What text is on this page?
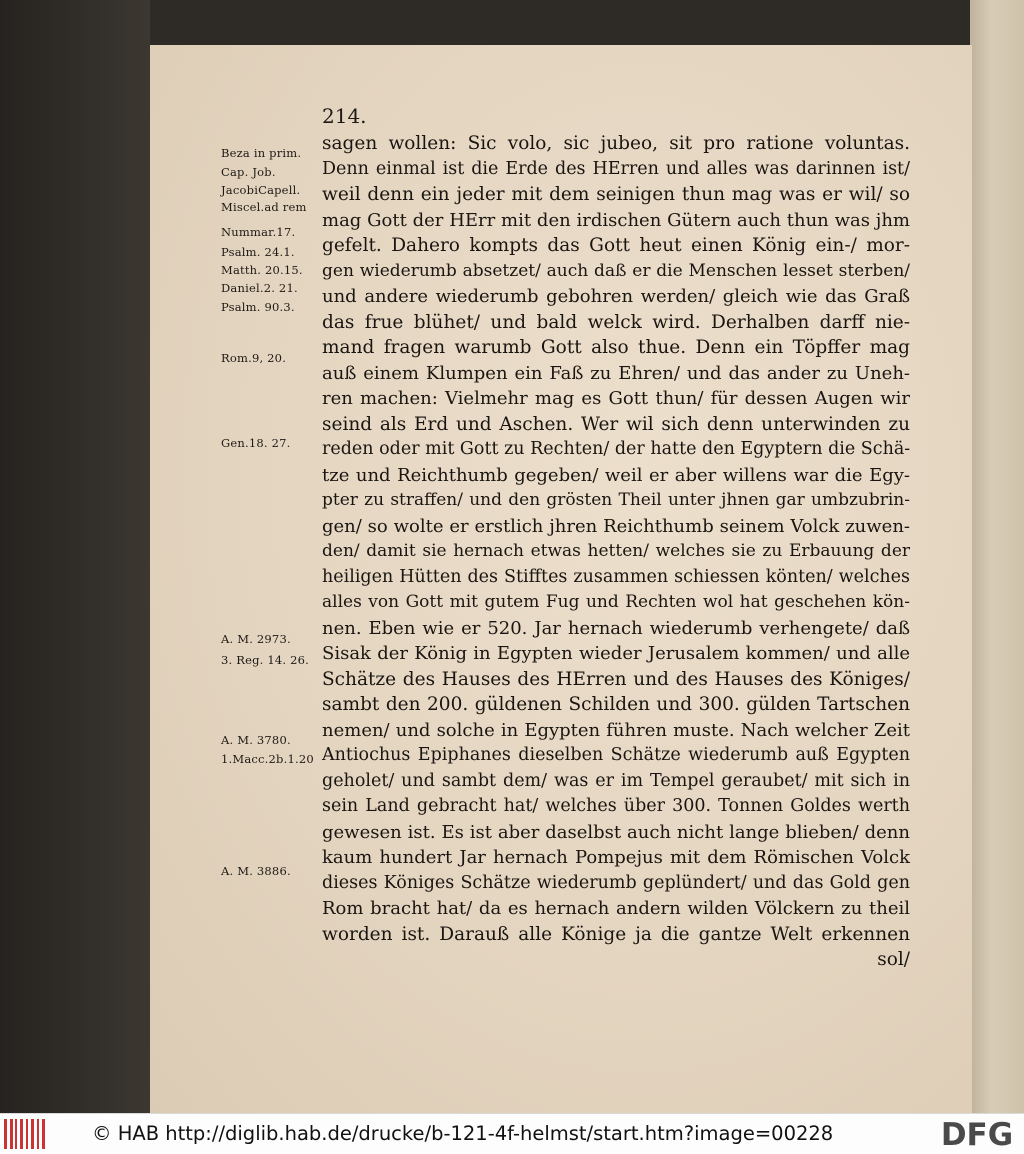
214.

Beza in prim.

Cap. Job.

JacobiCapell.

Miscel.ad rem

Nummar.17.

Psalm. 24.1.

Matth. 20.15.

Daniel.2. 21.

Psalm. 90.3.

Rom.9, 20.

Gen.18. 27.

A. M. 2973.

3. Reg. 14. 26.

A. M. 3780.

1.Macc.2b.1.20

A. M. 3886.

sagen wollen: Sic volo, sic jubeo, sit pro ratione voluntas.

Denn einmal ist die Erde des HErren und alles was darinnen ist/

weil denn ein jeder mit dem seinigen thun mag was er wil/ so

mag Gott der HErr mit den irdischen Gütern auch thun was jhm

gefelt. Dahero kompts das Gott heut einen König ein-/ mor-

gen wiederumb absetzet/ auch daß er die Menschen lesset sterben/

und andere wiederumb gebohren werden/ gleich wie das Graß

das frue blühet/ und bald welck wird. Derhalben darff nie-

mand fragen warumb Gott also thue. Denn ein Töpffer mag

auß einem Klumpen ein Faß zu Ehren/ und das ander zu Uneh-

ren machen: Vielmehr mag es Gott thun/ für dessen Augen wir

seind als Erd und Aschen. Wer wil sich denn unterwinden zu

reden oder mit Gott zu Rechten/ der hatte den Egyptern die Schä-

tze und Reichthumb gegeben/ weil er aber willens war die Egy-

pter zu straffen/ und den grösten Theil unter jhnen gar umbzubrin-

gen/ so wolte er erstlich jhren Reichthumb seinem Volck zuwen-

den/ damit sie hernach etwas hetten/ welches sie zu Erbauung der

heiligen Hütten des Stifftes zusammen schiessen könten/ welches

alles von Gott mit gutem Fug und Rechten wol hat geschehen kön-

nen. Eben wie er 520. Jar hernach wiederumb verhengete/ daß

Sisak der König in Egypten wieder Jerusalem kommen/ und alle

Schätze des Hauses des HErren und des Hauses des Königes/

sambt den 200. güldenen Schilden und 300. gülden Tartschen

nemen/ und solche in Egypten führen muste. Nach welcher Zeit

Antiochus Epiphanes dieselben Schätze wiederumb auß Egypten

geholet/ und sambt dem/ was er im Tempel geraubet/ mit sich in

sein Land gebracht hat/ welches über 300. Tonnen Goldes werth

gewesen ist. Es ist aber daselbst auch nicht lange blieben/ denn

kaum hundert Jar hernach Pompejus mit dem Römischen Volck

dieses Königes Schätze wiederumb geplündert/ und das Gold gen

Rom bracht hat/ da es hernach andern wilden Völckern zu theil

worden ist. Darauß alle Könige ja die gantze Welt erkennen

sol/

© HAB http://diglib.hab.de/drucke/b-121-4f-helmst/start.htm?image=00228	DFG
